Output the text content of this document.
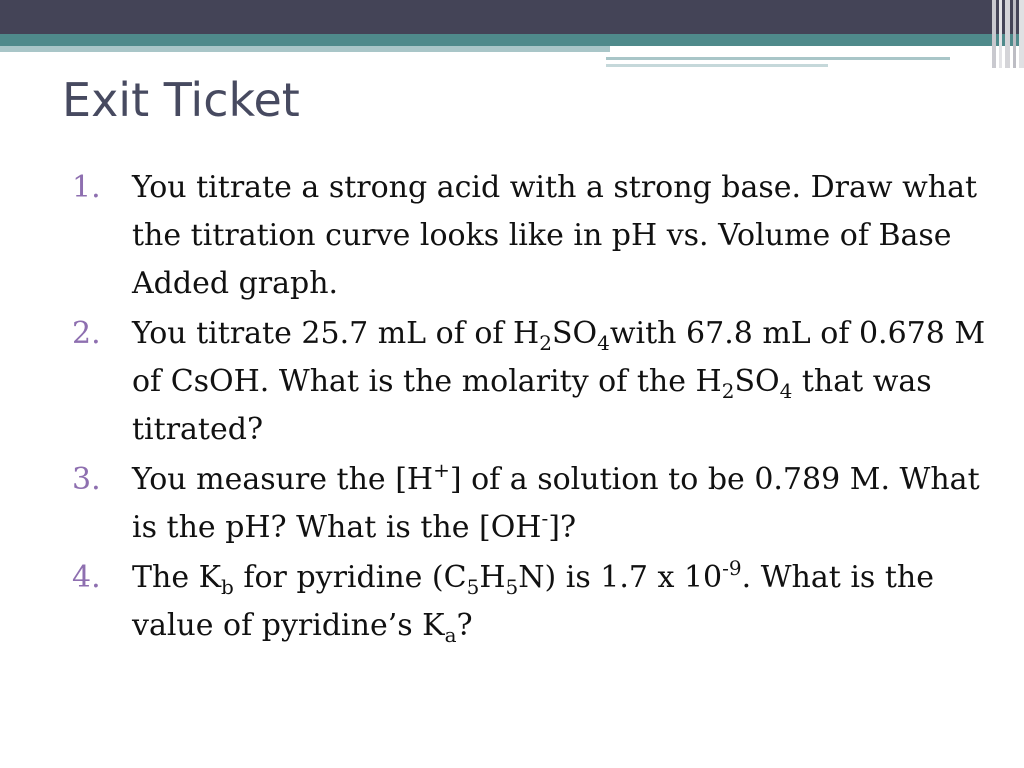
Exit Ticket
1. You titrate a strong acid with a strong base. Draw what the titration curve looks like in pH vs. Volume of Base Added graph.
2. You titrate 25.7 mL of of $H_2SO_4with$ 67.8 mL of 0.678 M of CsOH. What is the molarity of the $H_2SO_4$ that was titrated?
3. You measure the [H+] of a solution to be 0.789 M. What is the pH? What is the [OH-]?
4. The $K_b$ for pyridine $(C_5H_5N)$ is 1.7 x $10^{-9}$. What is the value of pyridine’s $K_a$?
